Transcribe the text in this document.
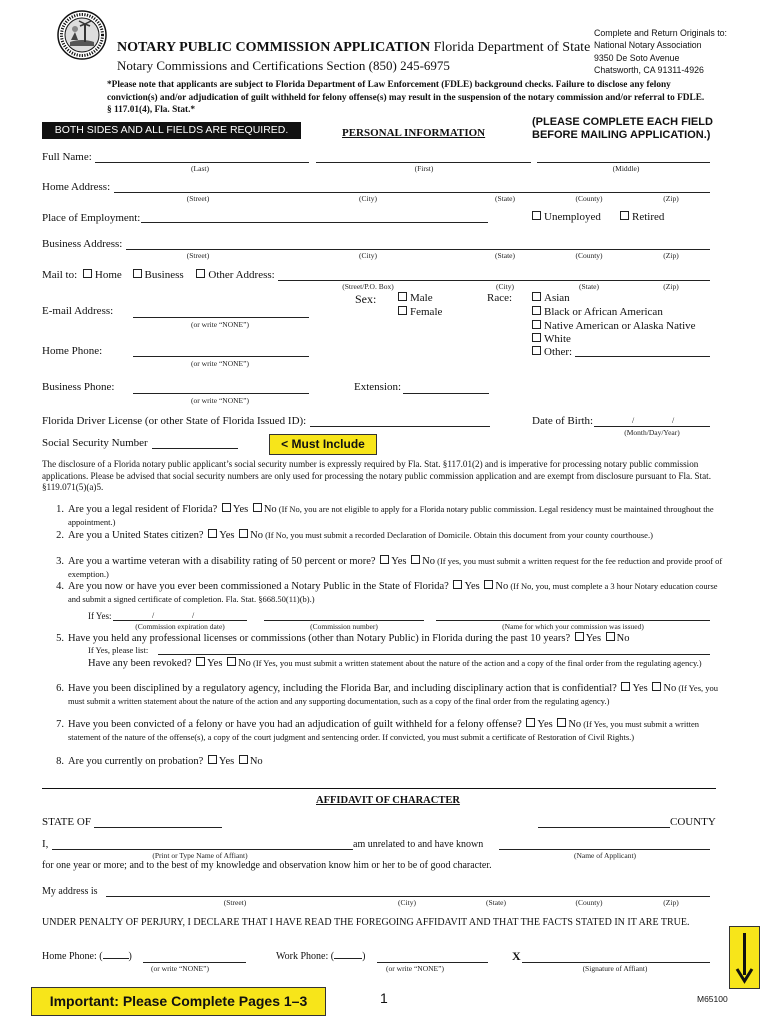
NOTARY PUBLIC COMMISSION APPLICATION Florida Department of State
Notary Commissions and Certifications Section (850) 245-6975
Complete and Return Originals to:
National Notary Association
9350 De Soto Avenue
Chatsworth, CA 91311-4926
*Please note that applicants are subject to Florida Department of Law Enforcement (FDLE) background checks. Failure to disclose any felony conviction(s) and/or adjudication of guilt withheld for felony offense(s) may result in the suspension of the notary commission and/or referral to FDLE. § 117.01(4), Fla. Stat.*
BOTH SIDES AND ALL FIELDS ARE REQUIRED.	PERSONAL INFORMATION
(PLEASE COMPLETE EACH FIELD
BEFORE MAILING APPLICATION.)
Full Name:
(Last)	(First)	(Middle)
Home Address:
(Street)	(City)	(State)	(County)	(Zip)
Place of Employment:	Unemployed	Retired
Business Address:
(Street)	(City)	(State)	(County)	(Zip)
Mail to: Home Business Other Address:
(Street/P.O. Box)	(City)	(State)	(Zip)
Sex:	Male
Female
Race:	Asian
Black or African American
Native American or Alaska Native
White
Other:
E-mail Address:
(or write “NONE”)
Home Phone:
(or write “NONE”)
Business Phone:
(or write “NONE”)
Extension:
Florida Driver License (or other State of Florida Issued ID):	Date of Birth:	/	/
(Month/Day/Year)
Social Security Number	< Must Include
The disclosure of a Florida notary public applicant’s social security number is expressly required by Fla. Stat. §117.01(2) and is imperative for processing notary public commission applications. Please be advised that social security numbers are only used for processing the notary public commission application and are exempt from disclosure pursuant to Fla. Stat. §119.071(5)(a)5.
1. Are you a legal resident of Florida? Yes No (If No, you are not eligible to apply for a Florida notary public commission. Legal residency must be maintained throughout the appointment.)
2. Are you a United States citizen? Yes No (If No, you must submit a recorded Declaration of Domicile. Obtain this document from your county courthouse.)
3. Are you a wartime veteran with a disability rating of 50 percent or more? Yes No (If yes, you must submit a written request for the fee reduction and provide proof of exemption.)
4. Are you now or have you ever been commissioned a Notary Public in the State of Florida? Yes No (If No, you, must complete a 3 hour Notary education course and submit a signed certificate of completion. Fla. Stat. §668.50(11)(b).)
If Yes:	/	/
(Commission expiration date)	(Commission number)	(Name for which your commission was issued)
5. Have you held any professional licenses or commissions (other than Notary Public) in Florida during the past 10 years? Yes No
If Yes, please list:
Have any been revoked? Yes No (If Yes, you must submit a written statement about the nature of the action and a copy of the final order from the regulating agency.)
6. Have you been disciplined by a regulatory agency, including the Florida Bar, and including disciplinary action that is confidential? Yes No (If Yes, you must submit a written statement about the nature of the action and any supporting documentation, such as a copy of the final order from the regulating agency.)
7. Have you been convicted of a felony or have you had an adjudication of guilt withheld for a felony offense? Yes No (If Yes, you must submit a written statement of the nature of the offense(s), a copy of the court judgment and sentencing order. If convicted, you must submit a certificate of Restoration of Civil Rights.)
8. Are you currently on probation? Yes No
AFFIDAVIT OF CHARACTER
STATE OF	COUNTY
I,	am unrelated to and have known
(Print or Type Name of Affiant)	(Name of Applicant)
for one year or more; and to the best of my knowledge and observation know him or her to be of good character.
My address is
(Street)	(City)	(State)	(County)	(Zip)
UNDER PENALTY OF PERJURY, I DECLARE THAT I HAVE READ THE FOREGOING AFFIDAVIT AND THAT THE FACTS STATED IN IT ARE TRUE.
Home Phone: (	)
(or write “NONE”)
Work Phone: (	)
(or write “NONE”)
X
(Signature of Affiant)
Important: Please Complete Pages 1–3	1	M65100
